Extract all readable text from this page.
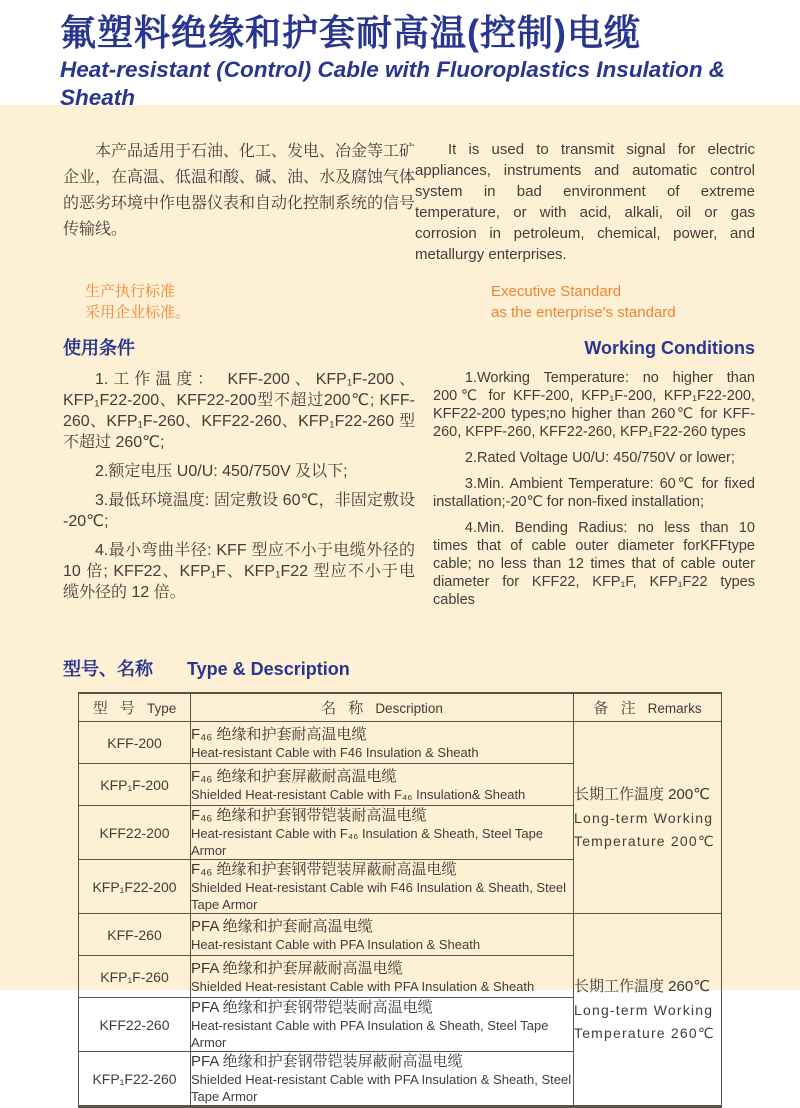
氟塑料绝缘和护套耐高温(控制)电缆
Heat-resistant (Control) Cable with Fluoroplastics Insulation & Sheath

本产品适用于石油、化工、发电、冶金等工矿企业，在高温、低温和酸、碱、油、水及腐蚀气体的恶劣环境中作电器仪表和自动化控制系统的信号传输线。

It is used to transmit signal for electric appliances, instruments and automatic control system in bad environment of extreme temperature, or with acid, alkali, oil or gas corrosion in petroleum, chemical, power, and metallurgy enterprises.

生产执行标准
采用企业标准。
Executive Standard
as the enterprise's standard
使用条件

1.工作温度： KFF-200、KFP₁F-200、KFP₁F22-200、KFF22-200型不超过200℃; KFF-260、KFP₁F-260、KFF22-260、KFP₁F22-260 型不超过 260℃;

2.额定电压 U0/U: 450/750V 及以下;

3.最低环境温度: 固定敷设 60℃，非固定敷设 -20℃;

4.最小弯曲半径: KFF 型应不小于电缆外径的 10 倍; KFF22、KFP₁F、KFP₁F22 型应不小于电缆外径的 12 倍。

Working Conditions

1.Working Temperature: no higher than 200℃ for KFF-200, KFP₁F-200, KFP₁F22-200, KFF22-200 types;no higher than 260℃ for KFF-260, KFPF-260, KFF22-260, KFP₁F22-260 types

2.Rated Voltage U0/U: 450/750V or lower;

3.Min. Ambient Temperature: 60℃ for fixed installation;-20℃ for non-fixed installation;

4.Min. Bending Radius: no less than 10 times that of cable outer diameter forKFFtype cable; no less than 12 times that of cable outer diameter for KFF22, KFP₁F, KFP₁F22 types cables

型号、名称 Type & Description
型 号 Type	名 称 Description	备 注 Remarks
KFF-200	F₄₆ 绝缘和护套耐高温电缆
Heat-resistant Cable with F46 Insulation & Sheath

长期工作温度 200℃
Long-term Working
Temperature 200℃

KFP₁F-200	F₄₆ 绝缘和护套屏蔽耐高温电缆
Shielded Heat-resistant Cable with F₄₆ Insulation& Sheath	

KFF22-200	F₄₆ 绝缘和护套钢带铠装耐高温电缆
Heat-resistant Cable with F₄₆ Insulation & Sheath, Steel Tape Armor	

KFP₁F22-200	F₄₆ 绝缘和护套钢带铠装屏蔽耐高温电缆
Shielded Heat-resistant Cable wih F46 Insulation & Sheath, Steel Tape Armor	

KFF-260	PFA 绝缘和护套耐高温电缆
Heat-resistant Cable with PFA Insulation & Sheath

长期工作温度 260℃
Long-term Working
Temperature 260℃

KFP₁F-260	PFA 绝缘和护套屏蔽耐高温电缆
Shielded Heat-resistant Cable with PFA Insulation & Sheath	

KFF22-260	PFA 绝缘和护套钢带铠装耐高温电缆
Heat-resistant Cable with PFA Insulation & Sheath, Steel Tape Armor	

KFP₁F22-260	PFA 绝缘和护套钢带铠装屏蔽耐高温电缆
Shielded Heat-resistant Cable with PFA Insulation & Sheath, Steel Tape Armor	
